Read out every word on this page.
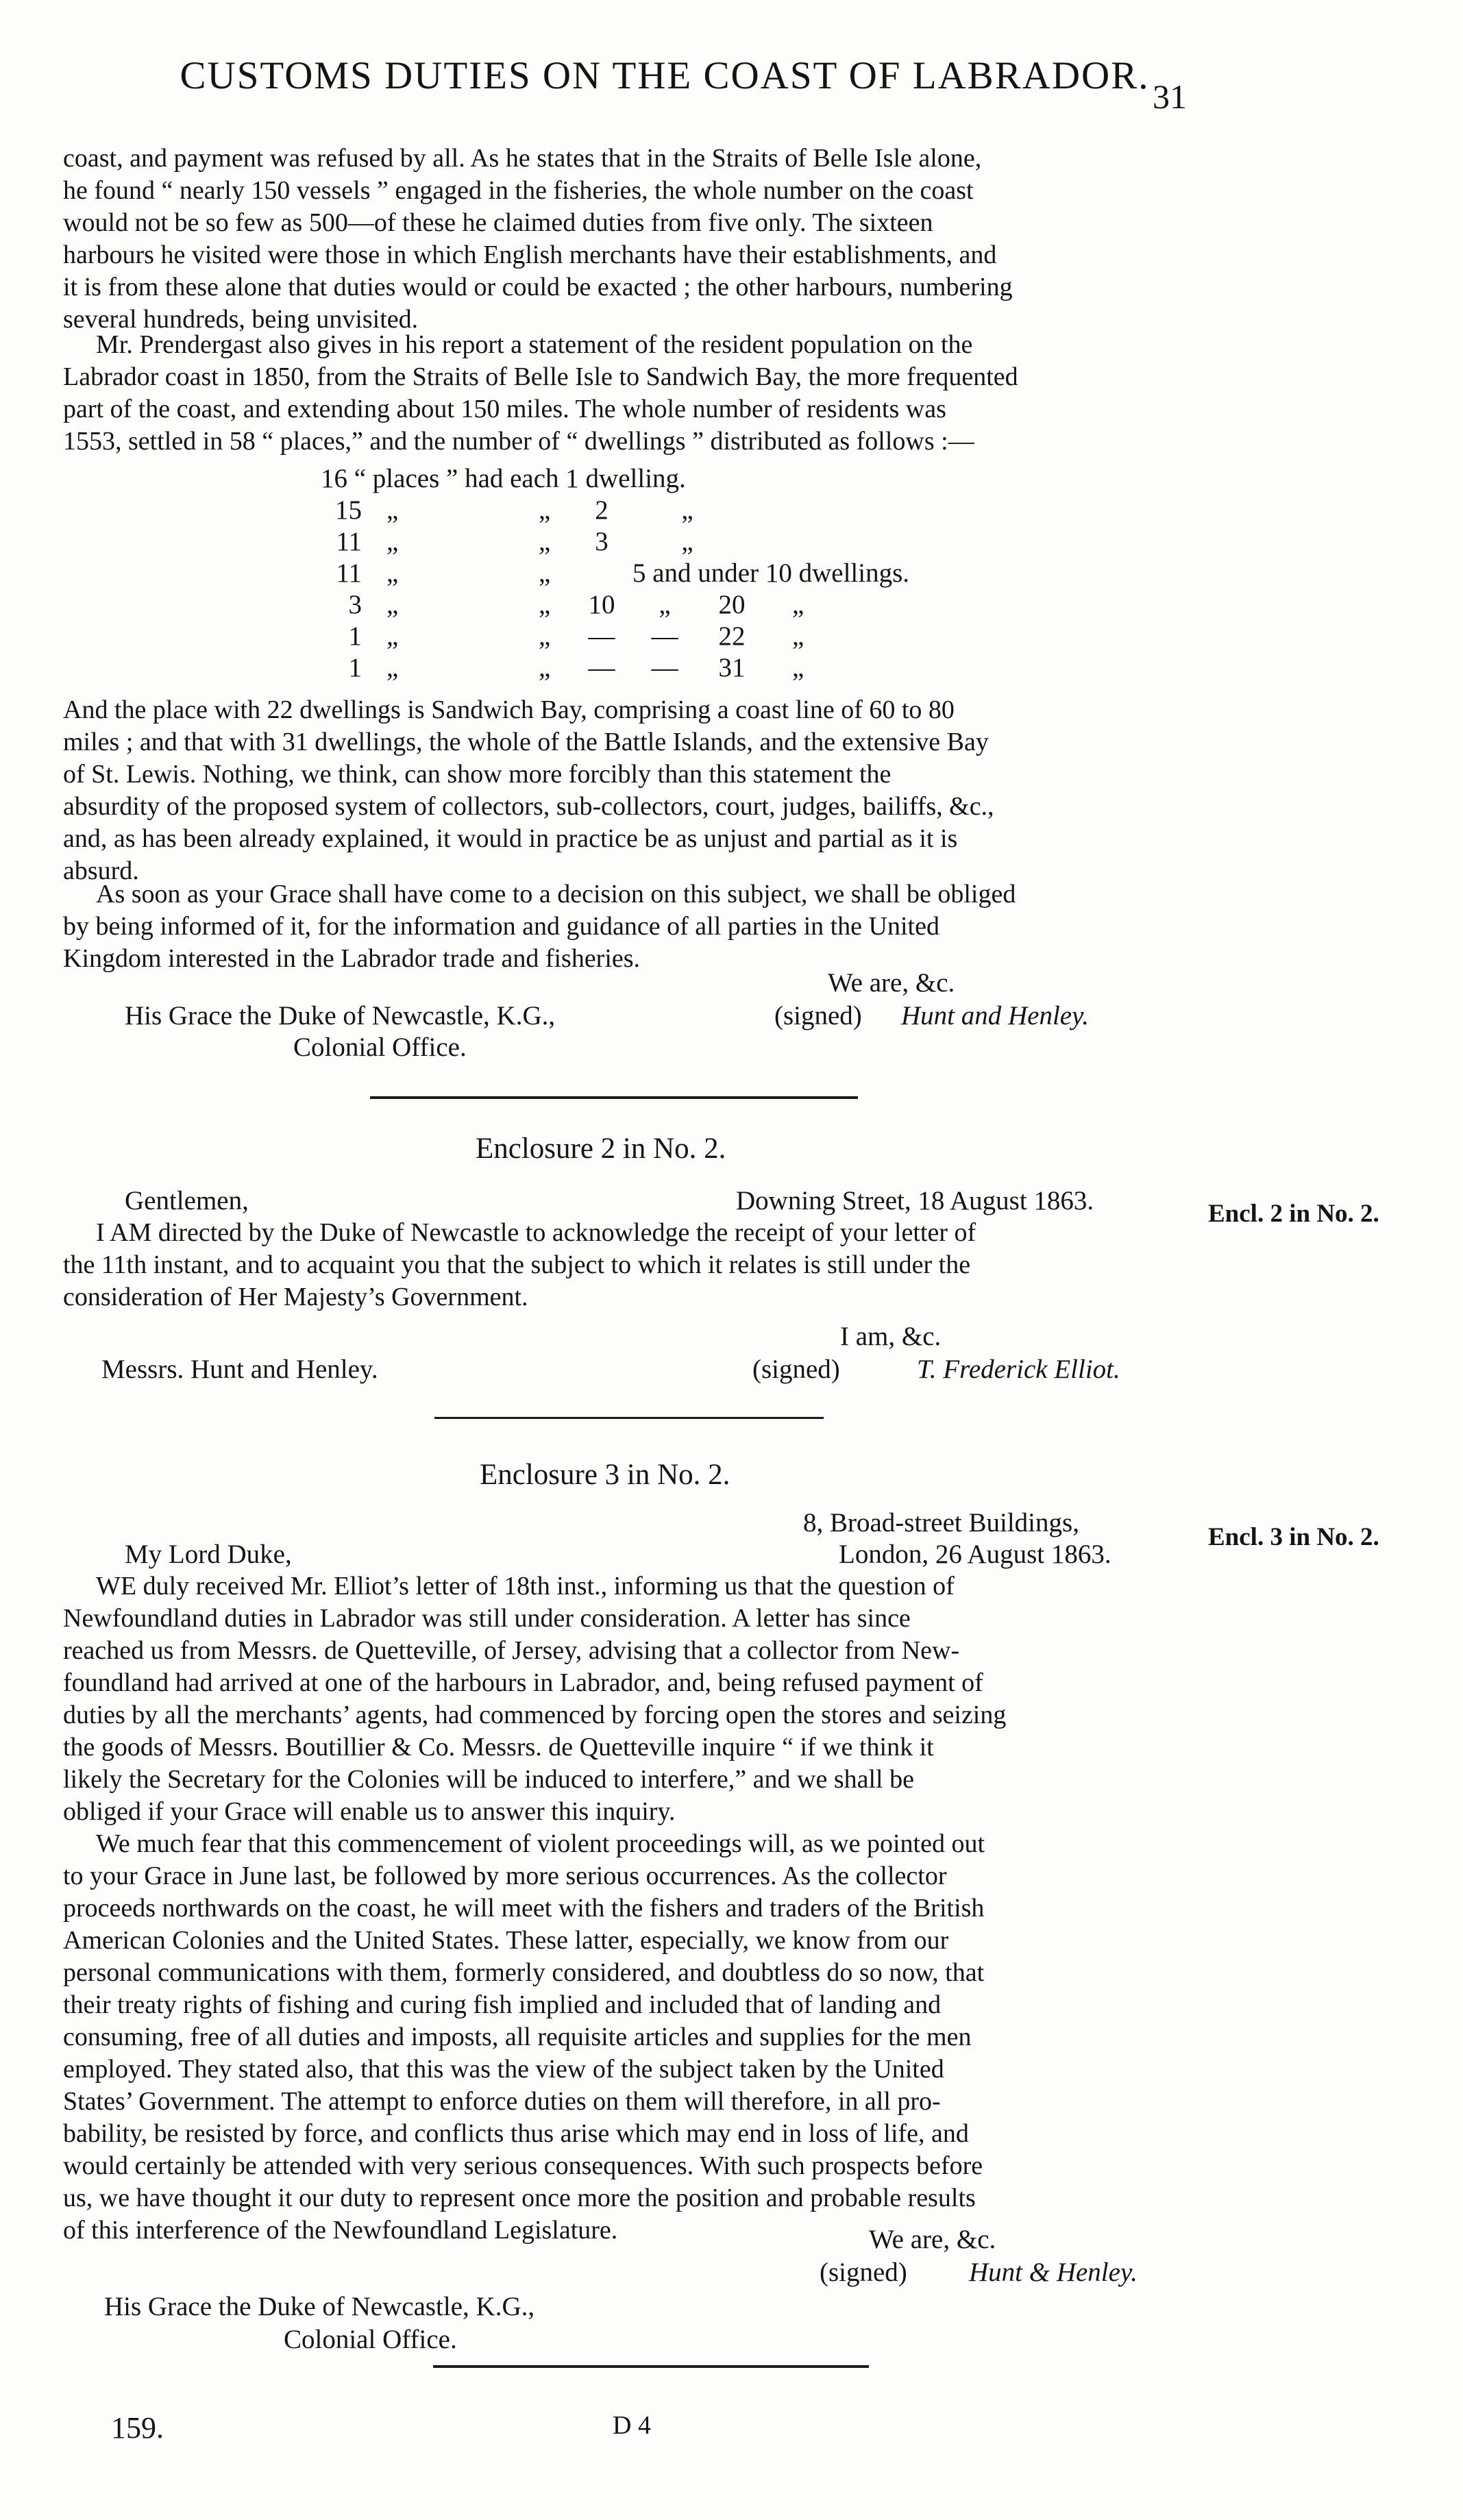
CUSTOMS DUTIES ON THE COAST OF LABRADOR. 31
coast, and payment was refused by all. As he states that in the Straits of Belle Isle alone,
he found “ nearly 150 vessels ” engaged in the fisheries, the whole number on the coast
would not be so few as 500—of these he claimed duties from five only. The sixteen
harbours he visited were those in which English merchants have their establishments, and
it is from these alone that duties would or could be exacted ; the other harbours, numbering
several hundreds, being unvisited.
Mr. Prendergast also gives in his report a statement of the resident population on the
Labrador coast in 1850, from the Straits of Belle Isle to Sandwich Bay, the more frequented
part of the coast, and extending about 150 miles. The whole number of residents was
1553, settled in 58 “ places,” and the number of “ dwellings ” distributed as follows :—
16 “ places ” had each 1 dwelling.
15 „	„	2	„
11 „	„	3	„
11 „	„	5 and under 10 dwellings.
3 „	„	10	„	20	„
1 „	„	—	—	22	„
1 „	„	—	—	31	„
And the place with 22 dwellings is Sandwich Bay, comprising a coast line of 60 to 80
miles ; and that with 31 dwellings, the whole of the Battle Islands, and the extensive Bay
of St. Lewis. Nothing, we think, can show more forcibly than this statement the
absurdity of the proposed system of collectors, sub-collectors, court, judges, bailiffs, &c.,
and, as has been already explained, it would in practice be as unjust and partial as it is
absurd.
As soon as your Grace shall have come to a decision on this subject, we shall be obliged
by being informed of it, for the information and guidance of all parties in the United
Kingdom interested in the Labrador trade and fisheries.
We are, &c.
(signed) Hunt and Henley.
His Grace the Duke of Newcastle, K.G.,
Colonial Office.
Enclosure 2 in No. 2.
Encl. 2 in No. 2.
Gentlemen,	Downing Street, 18 August 1863.
I AM directed by the Duke of Newcastle to acknowledge the receipt of your letter of
the 11th instant, and to acquaint you that the subject to which it relates is still under the
consideration of Her Majesty’s Government.
I am, &c.
Messrs. Hunt and Henley.	(signed)	T. Frederick Elliot.
Enclosure 3 in No. 2.
Encl. 3 in No. 2.
8, Broad-street Buildings,
London, 26 August 1863.
My Lord Duke,
WE duly received Mr. Elliot’s letter of 18th inst., informing us that the question of
Newfoundland duties in Labrador was still under consideration. A letter has since
reached us from Messrs. de Quetteville, of Jersey, advising that a collector from New-
foundland had arrived at one of the harbours in Labrador, and, being refused payment of
duties by all the merchants’ agents, had commenced by forcing open the stores and seizing
the goods of Messrs. Boutillier & Co. Messrs. de Quetteville inquire “ if we think it
likely the Secretary for the Colonies will be induced to interfere,” and we shall be
obliged if your Grace will enable us to answer this inquiry.
We much fear that this commencement of violent proceedings will, as we pointed out
to your Grace in June last, be followed by more serious occurrences. As the collector
proceeds northwards on the coast, he will meet with the fishers and traders of the British
American Colonies and the United States. These latter, especially, we know from our
personal communications with them, formerly considered, and doubtless do so now, that
their treaty rights of fishing and curing fish implied and included that of landing and
consuming, free of all duties and imposts, all requisite articles and supplies for the men
employed. They stated also, that this was the view of the subject taken by the United
States’ Government. The attempt to enforce duties on them will therefore, in all pro-
bability, be resisted by force, and conflicts thus arise which may end in loss of life, and
would certainly be attended with very serious consequences. With such prospects before
us, we have thought it our duty to represent once more the position and probable results
of this interference of the Newfoundland Legislature.	We are, &c.
(signed) Hunt & Henley.
His Grace the Duke of Newcastle, K.G.,
Colonial Office.
159.	D 4
